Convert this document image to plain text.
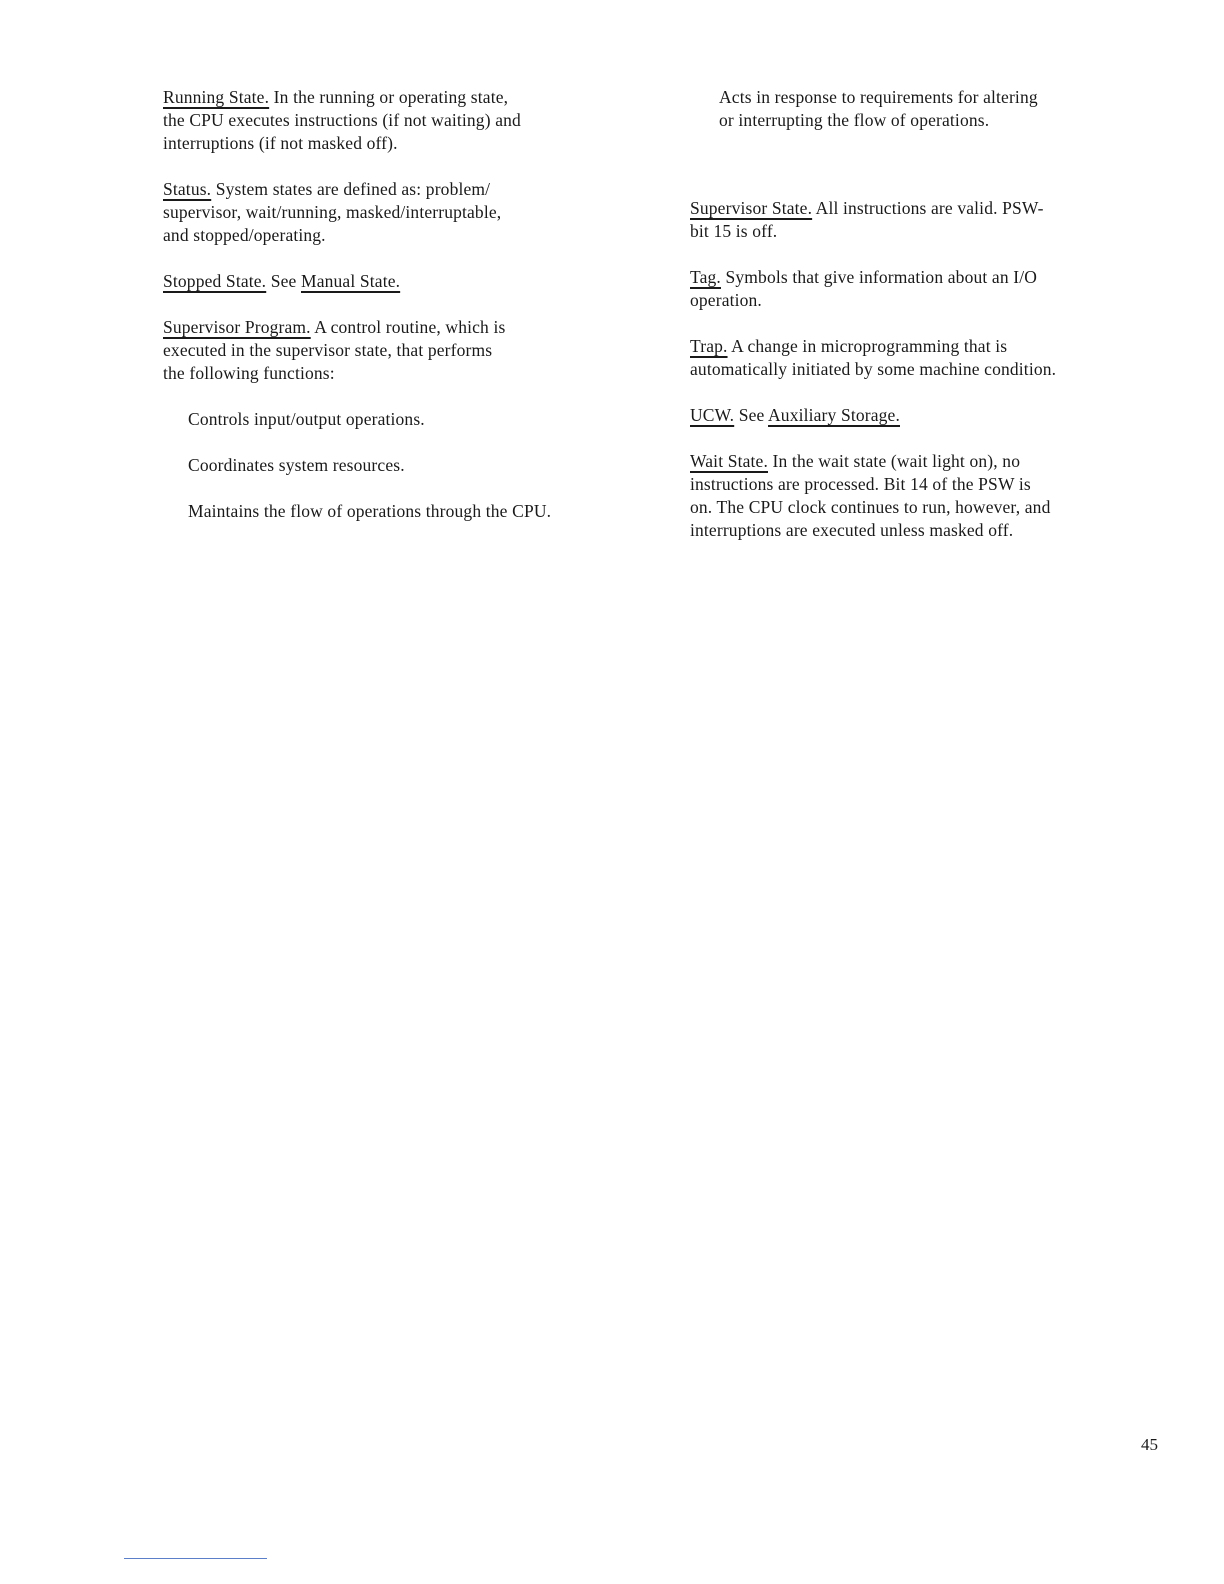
Running State. In the running or operating state,
the CPU executes instructions (if not waiting) and
interruptions (if not masked off).
Status. System states are defined as: problem/
supervisor, wait/running, masked/interruptable,
and stopped/operating.
Stopped State. See Manual State.
Supervisor Program. A control routine, which is
executed in the supervisor state, that performs
the following functions:
Controls input/output operations.
Coordinates system resources.
Maintains the flow of operations through the CPU.
Acts in response to requirements for altering
or interrupting the flow of operations.
Supervisor State. All instructions are valid. PSW-
bit 15 is off.
Tag. Symbols that give information about an I/O
operation.
Trap. A change in microprogramming that is
automatically initiated by some machine condition.
UCW. See Auxiliary Storage.
Wait State. In the wait state (wait light on), no
instructions are processed. Bit 14 of the PSW is
on. The CPU clock continues to run, however, and
interruptions are executed unless masked off.
45
